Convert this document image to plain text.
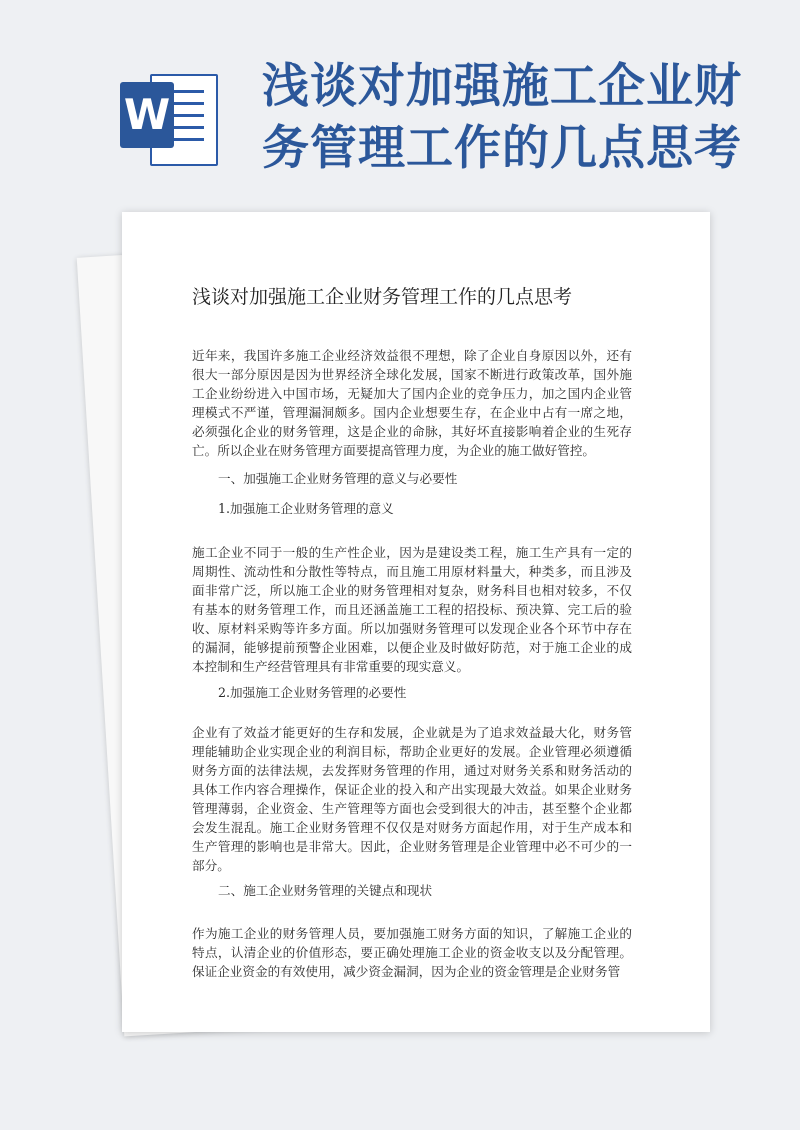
W
浅谈对加强施工企业财
务管理工作的几点思考
浅谈对加强施工企业财务管理工作的几点思考

近年来，我国许多施工企业经济效益很不理想，除了企业自身原因以外，还有很大一部分原因是因为世界经济全球化发展，国家不断进行政策改革，国外施工企业纷纷进入中国市场，无疑加大了国内企业的竞争压力，加之国内企业管理模式不严谨，管理漏洞颇多。国内企业想要生存，在企业中占有一席之地，必须强化企业的财务管理，这是企业的命脉，其好坏直接影响着企业的生死存亡。所以企业在财务管理方面要提高管理力度，为企业的施工做好管控。

一、加强施工企业财务管理的意义与必要性

1.加强施工企业财务管理的意义

施工企业不同于一般的生产性企业，因为是建设类工程，施工生产具有一定的周期性、流动性和分散性等特点，而且施工用原材料量大，种类多，而且涉及面非常广泛，所以施工企业的财务管理相对复杂，财务科目也相对较多，不仅有基本的财务管理工作，而且还涵盖施工工程的招投标、预决算、完工后的验收、原材料采购等许多方面。所以加强财务管理可以发现企业各个环节中存在的漏洞，能够提前预警企业困难，以便企业及时做好防范，对于施工企业的成本控制和生产经营管理具有非常重要的现实意义。

2.加强施工企业财务管理的必要性

企业有了效益才能更好的生存和发展，企业就是为了追求效益最大化，财务管理能辅助企业实现企业的利润目标，帮助企业更好的发展。企业管理必须遵循财务方面的法律法规，去发挥财务管理的作用，通过对财务关系和财务活动的具体工作内容合理操作，保证企业的投入和产出实现最大效益。如果企业财务管理薄弱，企业资金、生产管理等方面也会受到很大的冲击，甚至整个企业都会发生混乱。施工企业财务管理不仅仅是对财务方面起作用，对于生产成本和生产管理的影响也是非常大。因此，企业财务管理是企业管理中必不可少的一部分。

二、施工企业财务管理的关键点和现状

作为施工企业的财务管理人员，要加强施工财务方面的知识，了解施工企业的特点，认清企业的价值形态，要正确处理施工企业的资金收支以及分配管理。保证企业资金的有效使用，减少资金漏洞，因为企业的资金管理是企业财务管
